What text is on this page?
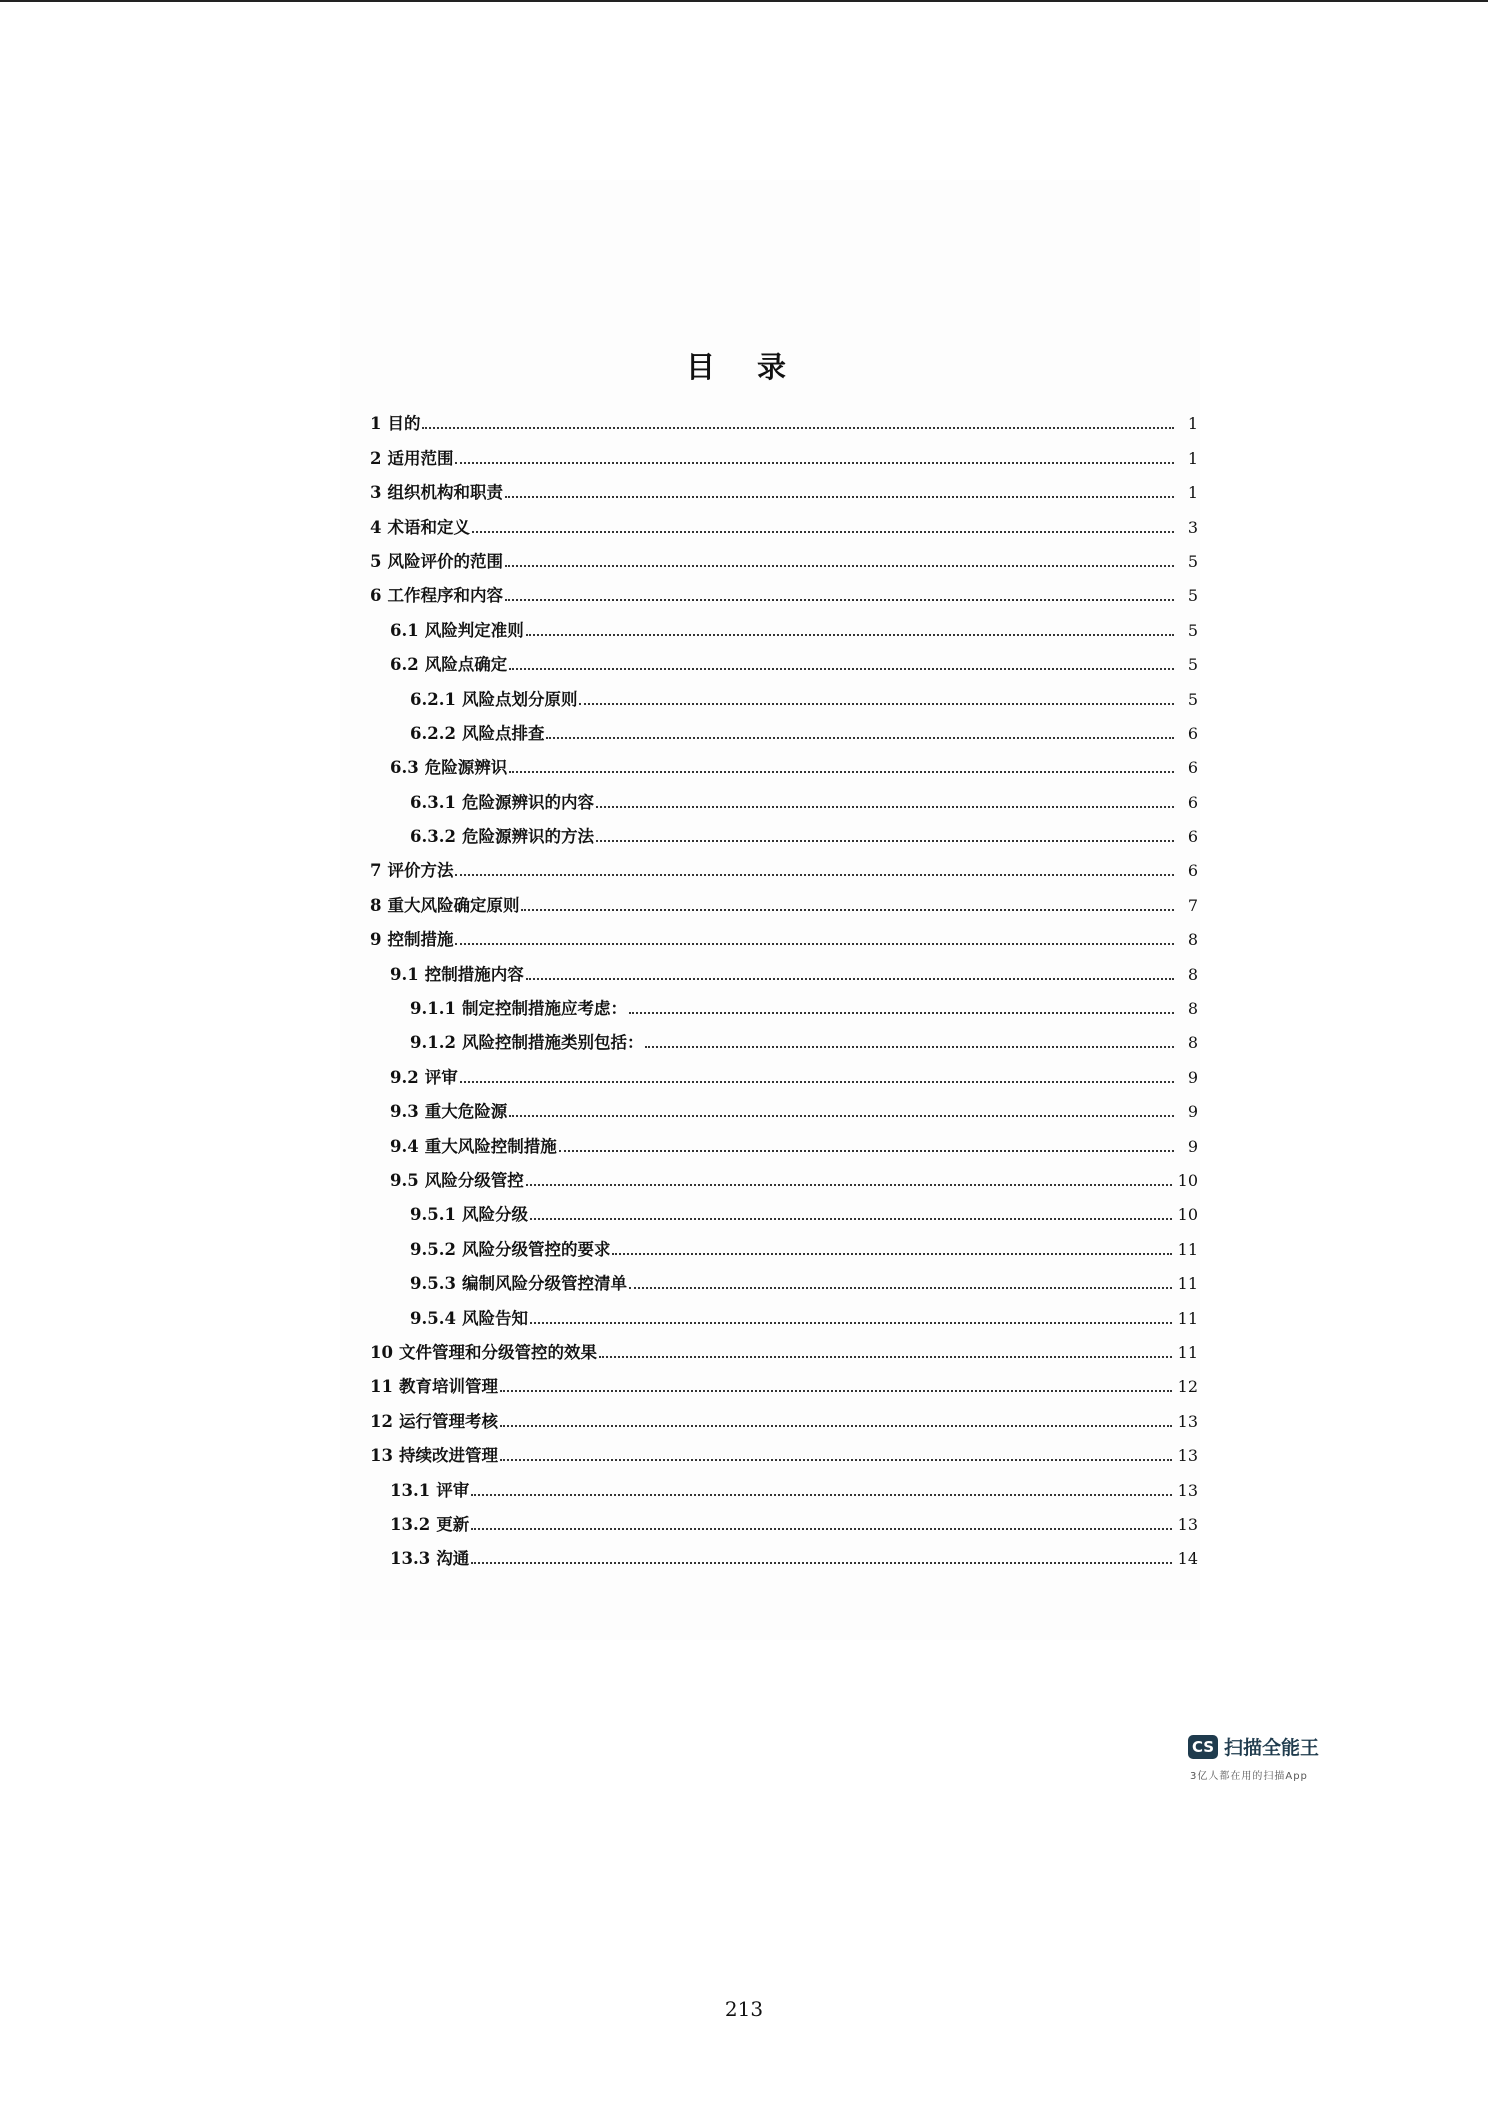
目 录
1 目的	1
2 适用范围	1
3 组织机构和职责	1
4 术语和定义	3
5 风险评价的范围	5
6 工作程序和内容	5
6.1 风险判定准则	5
6.2 风险点确定	5
6.2.1 风险点划分原则	5
6.2.2 风险点排查	6
6.3 危险源辨识	6
6.3.1 危险源辨识的内容	6
6.3.2 危险源辨识的方法	6
7 评价方法	6
8 重大风险确定原则	7
9 控制措施	8
9.1 控制措施内容	8
9.1.1 制定控制措施应考虑：	8
9.1.2 风险控制措施类别包括：	8
9.2 评审	9
9.3 重大危险源	9
9.4 重大风险控制措施	9
9.5 风险分级管控	10
9.5.1 风险分级	10
9.5.2 风险分级管控的要求	11
9.5.3 编制风险分级管控清单	11
9.5.4 风险告知	11
10 文件管理和分级管控的效果	11
11 教育培训管理	12
12 运行管理考核	13
13 持续改进管理	13
13.1 评审	13
13.2 更新	13
13.3 沟通	14
CS 扫描全能王
3亿人都在用的扫描App
213
